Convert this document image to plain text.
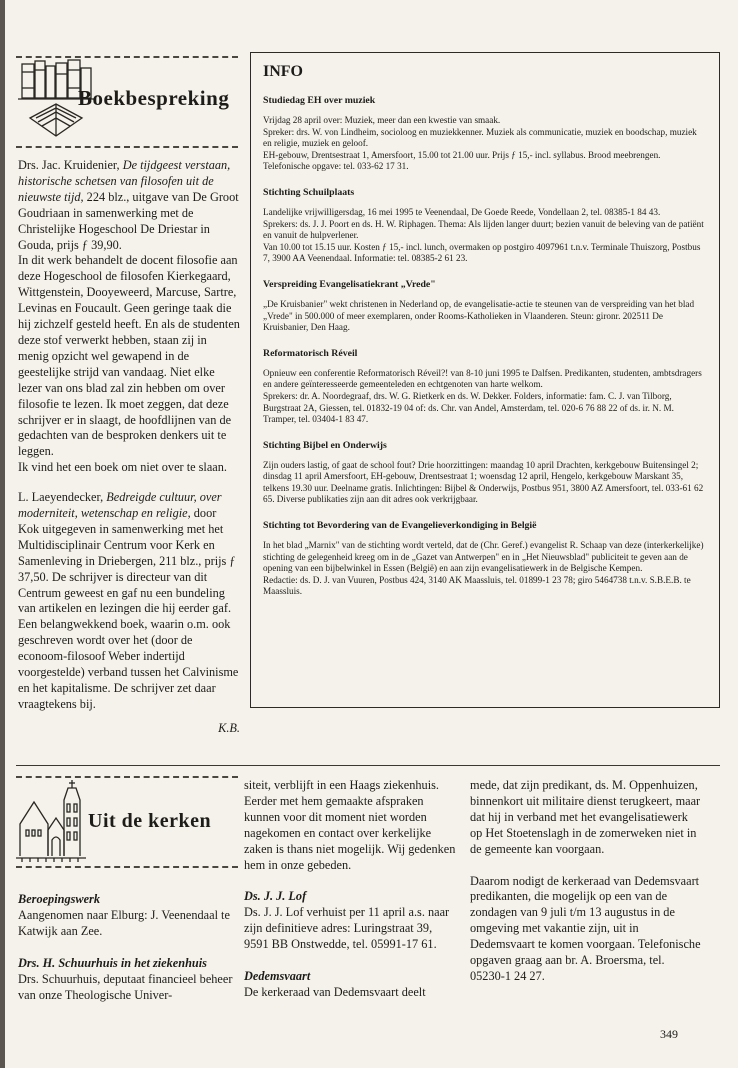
Boekbespreking

Drs. Jac. Kruidenier, De tijdgeest verstaan, historische schetsen van filosofen uit de nieuwste tijd, 224 blz., uitgave van De Groot Goudriaan in samenwerking met de Christelijke Hogeschool De Driestar in Gouda, prijs ƒ 39,90.
In dit werk behandelt de docent filosofie aan deze Hogeschool de filosofen Kierkegaard, Wittgenstein, Dooyeweerd, Marcuse, Sartre, Levinas en Foucault. Geen geringe taak die hij zichzelf gesteld heeft. En als de studenten deze stof verwerkt hebben, staan zij in menig opzicht wel gewapend in de geestelijke strijd van vandaag. Niet elke lezer van ons blad zal zin hebben om over filosofie te lezen. Ik moet zeggen, dat deze schrijver er in slaagt, de hoofdlijnen van de gedachten van de besproken denkers uit te leggen.
Ik vind het een boek om niet over te slaan.

L. Laeyendecker, Bedreigde cultuur, over moderniteit, wetenschap en religie, door Kok uitgegeven in samenwerking met het Multidisciplinair Centrum voor Kerk en Samenleving in Driebergen, 211 blz., prijs ƒ 37,50. De schrijver is directeur van dit Centrum geweest en gaf nu een bundeling van artikelen en lezingen die hij eerder gaf. Een belangwekkend boek, waarin o.m. ook geschreven wordt over het (door de econoom-filosoof Weber indertijd voorgestelde) verband tussen het Calvinisme en het kapitalisme. De schrijver zet daar vraagtekens bij.

K.B.
INFO
Studiedag EH over muziek

Vrijdag 28 april over: Muziek, meer dan een kwestie van smaak.
Spreker: drs. W. von Lindheim, socioloog en muziekkenner. Muziek als communicatie, muziek en boodschap, muziek en religie, muziek en geloof.
EH-gebouw, Drentsestraat 1, Amersfoort, 15.00 tot 21.00 uur. Prijs ƒ 15,- incl. syllabus. Brood meebrengen. Telefonische opgave: tel. 033-62 17 31.

Stichting Schuilplaats

Landelijke vrijwilligersdag, 16 mei 1995 te Veenendaal, De Goede Reede, Vondellaan 2, tel. 08385-1 84 43.
Sprekers: ds. J. J. Poort en ds. H. W. Riphagen. Thema: Als lijden langer duurt; bezien vanuit de beleving van de patiënt en vanuit de hulpverlener.
Van 10.00 tot 15.15 uur. Kosten ƒ 15,- incl. lunch, overmaken op postgiro 4097961 t.n.v. Terminale Thuiszorg, Postbus 7, 3900 AA Veenendaal. Informatie: tel. 08385-2 61 23.

Verspreiding Evangelisatiekrant „Vrede"

„De Kruisbanier" wekt christenen in Nederland op, de evangelisatie-actie te steunen van de verspreiding van het blad „Vrede" in 500.000 of meer exemplaren, onder Rooms-Katholieken in Vlaanderen. Steun: gironr. 202511 De Kruisbanier, Den Haag.

Reformatorisch Réveil

Opnieuw een conferentie Reformatorisch Réveil?! van 8-10 juni 1995 te Dalfsen. Predikanten, studenten, ambtsdragers en andere geïnteresseerde gemeenteleden en echtgenoten van harte welkom.
Sprekers: dr. A. Noordegraaf, drs. W. G. Rietkerk en ds. W. Dekker. Folders, informatie: fam. C. J. van Tilborg, Burgstraat 2A, Giessen, tel. 01832-19 04 of: ds. Chr. van Andel, Amsterdam, tel. 020-6 76 88 22 of ds. ir. N. M. Tramper, tel. 03404-1 83 47.

Stichting Bijbel en Onderwijs

Zijn ouders lastig, of gaat de school fout? Drie hoorzittingen: maandag 10 april Drachten, kerkgebouw Buitensingel 2; dinsdag 11 april Amersfoort, EH-gebouw, Drentsestraat 1; woensdag 12 april, Hengelo, kerkgebouw Marskant 35, telkens 19.30 uur. Deelname gratis. Inlichtingen: Bijbel & Onderwijs, Postbus 951, 3800 AZ Amersfoort, tel. 033-61 62 65. Diverse publikaties zijn aan dit adres ook verkrijgbaar.

Stichting tot Bevordering van de Evangelieverkondiging in België

In het blad „Marnix" van de stichting wordt verteld, dat de (Chr. Geref.) evangelist R. Schaap van deze (interkerkelijke) stichting de gelegenheid kreeg om in de „Gazet van Antwerpen" en in „Het Nieuwsblad" publiciteit te geven aan de opening van een bijbelwinkel in Essen (België) en aan zijn evangelisatiewerk in de Belgische Kempen.
Redactie: ds. D. J. van Vuuren, Postbus 424, 3140 AK Maassluis, tel. 01899-1 23 78; giro 5464738 t.n.v. S.B.E.B. te Maassluis.

Uit de kerken
Beroepingswerk

Aangenomen naar Elburg: J. Veenendaal te Katwijk aan Zee.

Drs. H. Schuurhuis in het ziekenhuis

Drs. Schuurhuis, deputaat financieel beheer van onze Theologische Univer-

siteit, verblijft in een Haags ziekenhuis. Eerder met hem gemaakte afspraken kunnen voor dit moment niet worden nagekomen en contact over kerkelijke zaken is thans niet mogelijk. Wij gedenken hem in onze gebeden.

Ds. J. J. Lof

Ds. J. J. Lof verhuist per 11 april a.s. naar zijn definitieve adres: Luringstraat 39, 9591 BB Onstwedde, tel. 05991-17 61.

Dedemsvaart

De kerkeraad van Dedemsvaart deelt

mede, dat zijn predikant, ds. M. Oppenhuizen, binnenkort uit militaire dienst terugkeert, maar dat hij in verband met het evangelisatiewerk op Het Stoetenslagh in de zomerweken niet in de gemeente kan voorgaan.

Daarom nodigt de kerkeraad van Dedemsvaart predikanten, die mogelijk op een van de zondagen van 9 juli t/m 13 augustus in de omgeving met vakantie zijn, uit in Dedemsvaart te komen voorgaan. Telefonische opgaven graag aan br. A. Broersma, tel. 05230-1 24 27.

349
